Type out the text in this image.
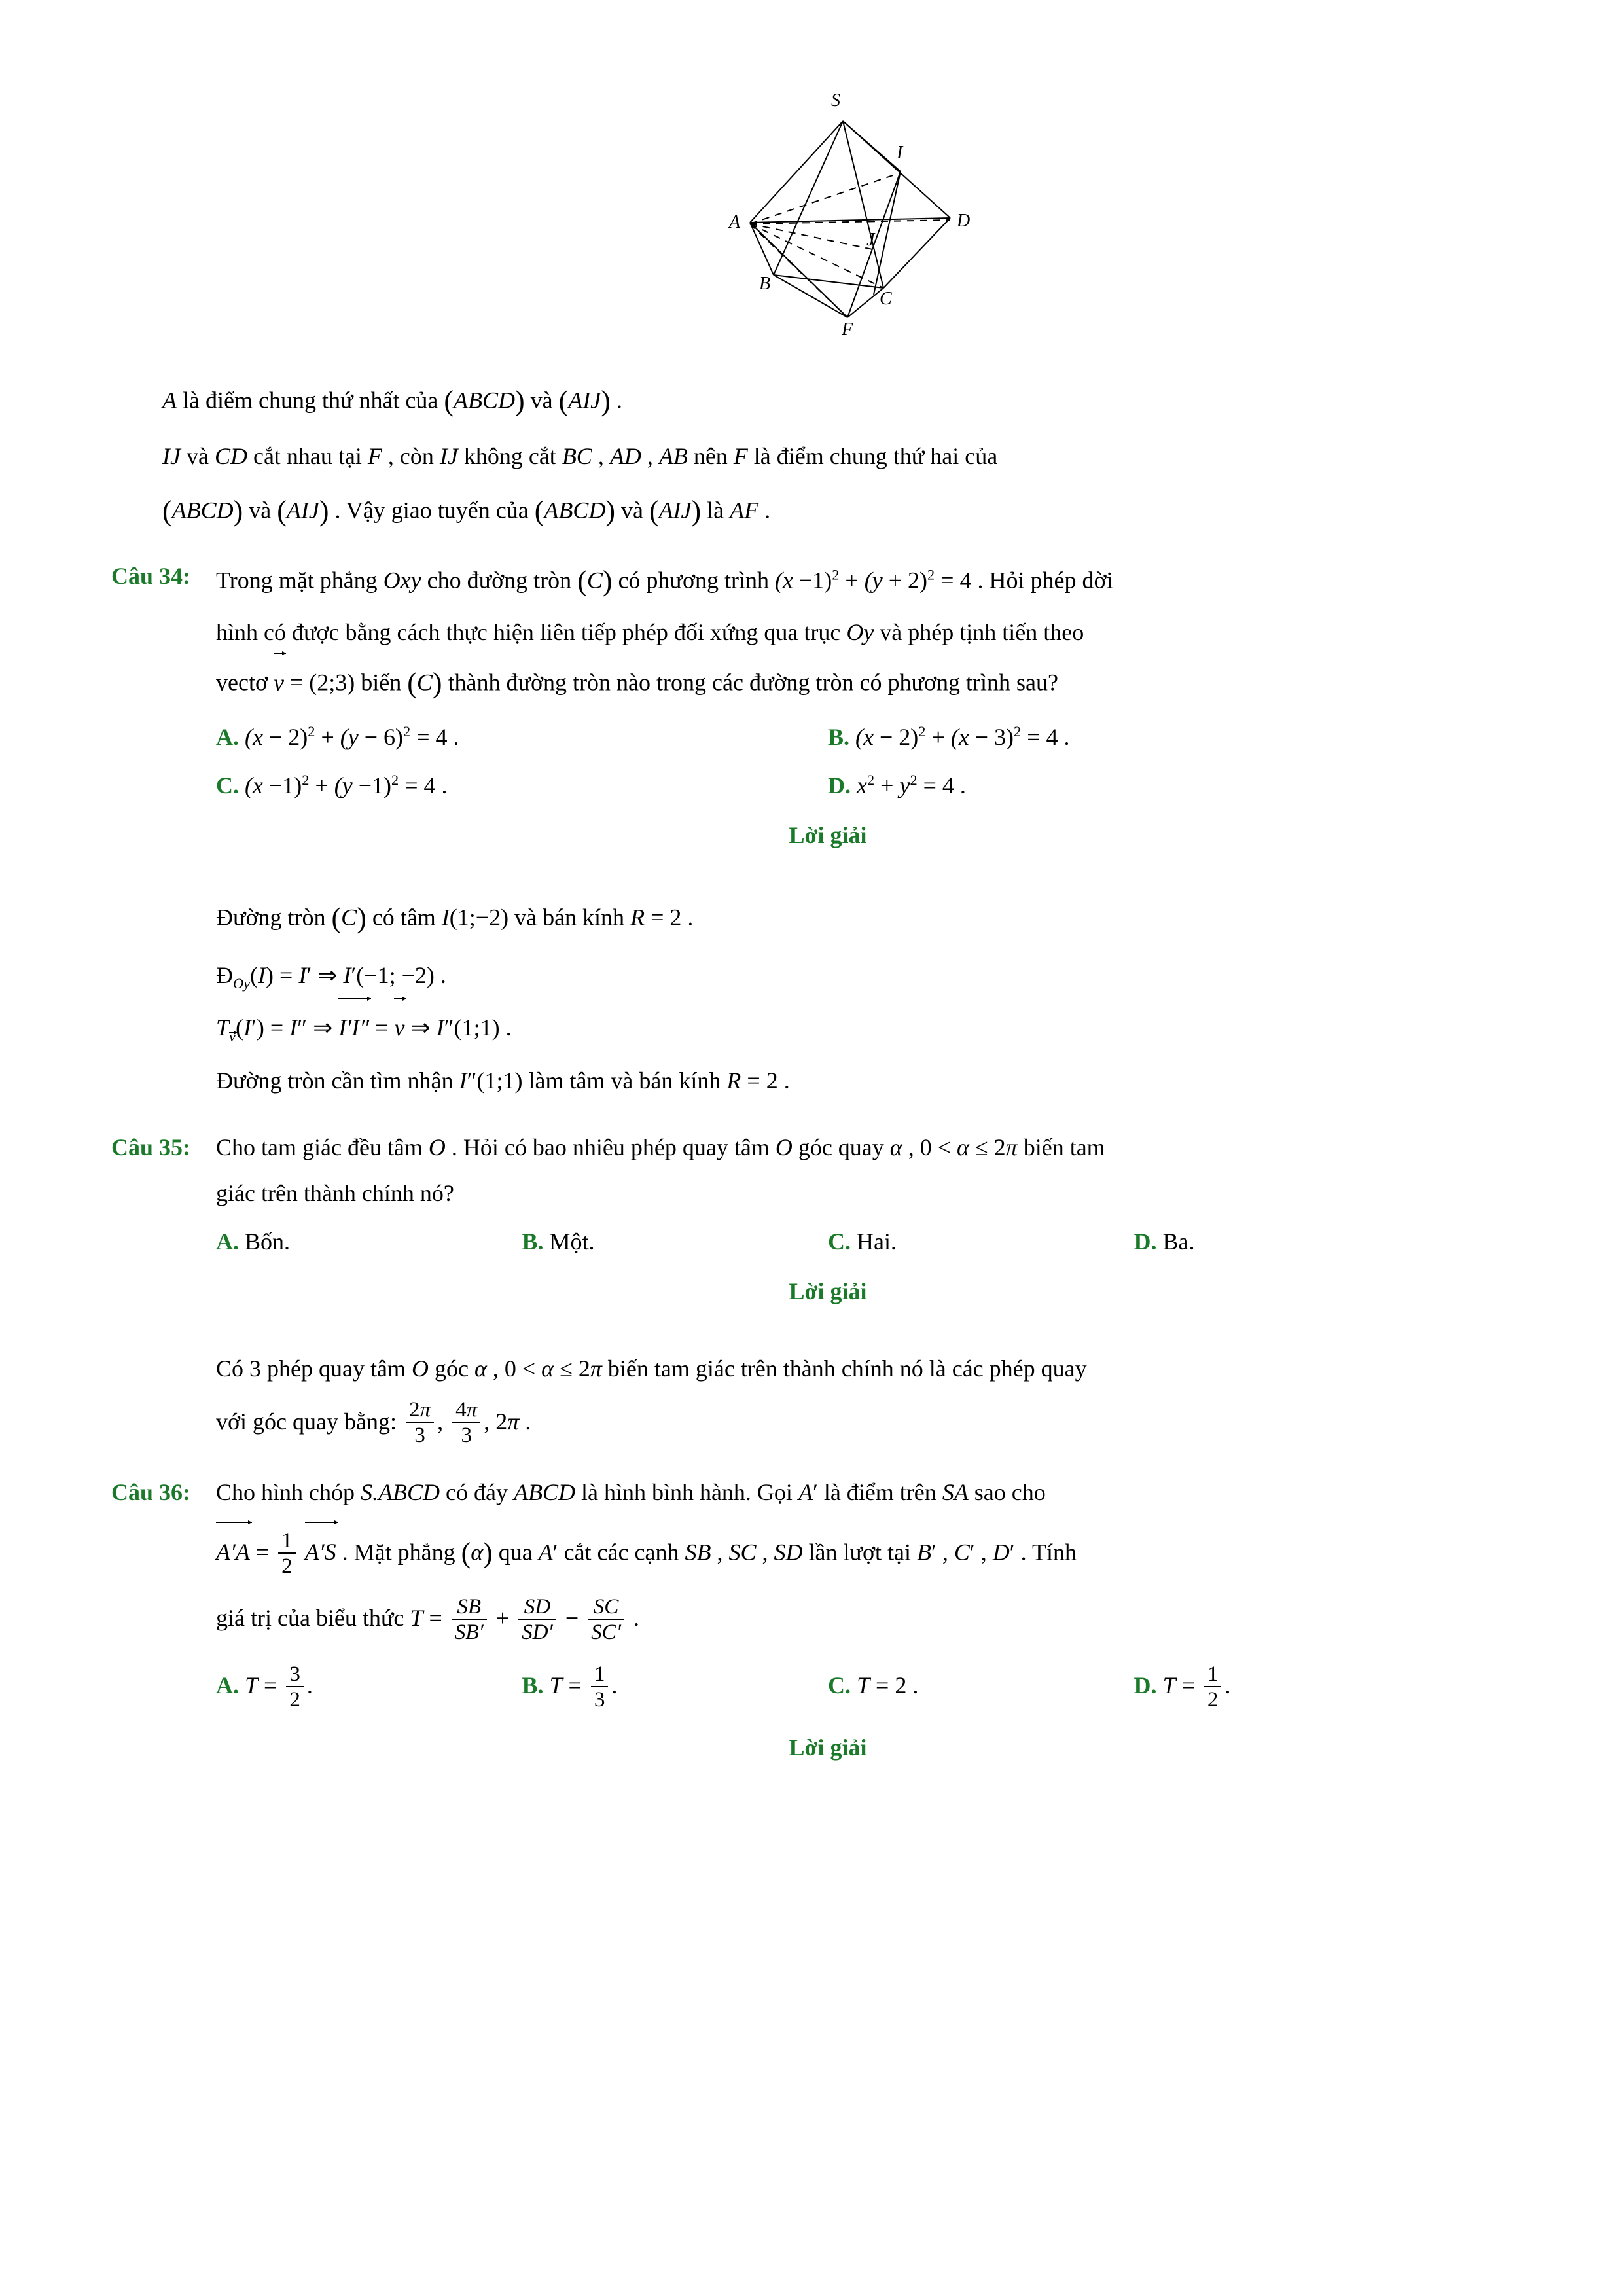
S
I
A	D
J
B
C
F

A là điểm chung thứ nhất của (ABCD) và (AIJ) .

IJ và CD cắt nhau tại F , còn IJ không cắt BC , AD , AB nên F là điểm chung thứ hai của

(ABCD) và (AIJ) . Vậy giao tuyến của (ABCD) và (AIJ) là AF .

Câu 34:	Trong mặt phẳng Oxy cho đường tròn (C) có phương trình $(x -1)^2 + (y + 2)^2 = 4$ . Hỏi phép dời
hình có được bằng cách thực hiện liên tiếp phép đối xứng qua trục Oy và phép tịnh tiến theo
vectơ v = (2;3) biến (C) thành đường tròn nào trong các đường tròn có phương trình sau?
A. $(x - 2)^2 + (y - 6)^2 = 4$ .	B. $(x - 2)^2 + (x - 3)^2 = 4$ .
C. $(x -1)^2 + (y -1)^2 = 4$ .	D. $x^2 + y^2 = 4$ .
Lời giải
Đường tròn (C) có tâm I(1;−2) và bán kính R = 2 .
$Đ_{Oy}(I) = I'$ ⇒ I′(−1; −2) .
$T_v(I') = I''$ ⇒ I′I″ = v ⇒ I″(1;1) .
Đường tròn cần tìm nhận I″(1;1) làm tâm và bán kính R = 2 .
Câu 35:	Cho tam giác đều tâm O . Hỏi có bao nhiêu phép quay tâm O góc quay α , 0 < α ≤ 2π biến tam
giác trên thành chính nó?
A. Bốn.	B. Một.	C. Hai.	D. Ba.
Lời giải
Có 3 phép quay tâm O góc α , 0 < α ≤ 2π biến tam giác trên thành chính nó là các phép quay
với góc quay bằng: $\frac{2\pi}{3}$ , $\frac{4\pi}{3}$ , 2π .
Câu 36:	Cho hình chóp S.ABCD có đáy ABCD là hình bình hành. Gọi A′ là điểm trên SA sao cho
$A'A = \frac{1}{2} A'S$ . Mặt phẳng (α) qua A′ cắt các cạnh SB , SC , SD lần lượt tại B′ , C′ , D′ . Tính
giá trị của biểu thức $T = \frac{SB}{SB'} + \frac{SD}{SD'} - \frac{SC}{SC'}$ .
A. $T = \frac{3}{2}$ .	B. $T = \frac{1}{3}$ .	C. T = 2 .	D. $T = \frac{1}{2}$ .
Lời giải
